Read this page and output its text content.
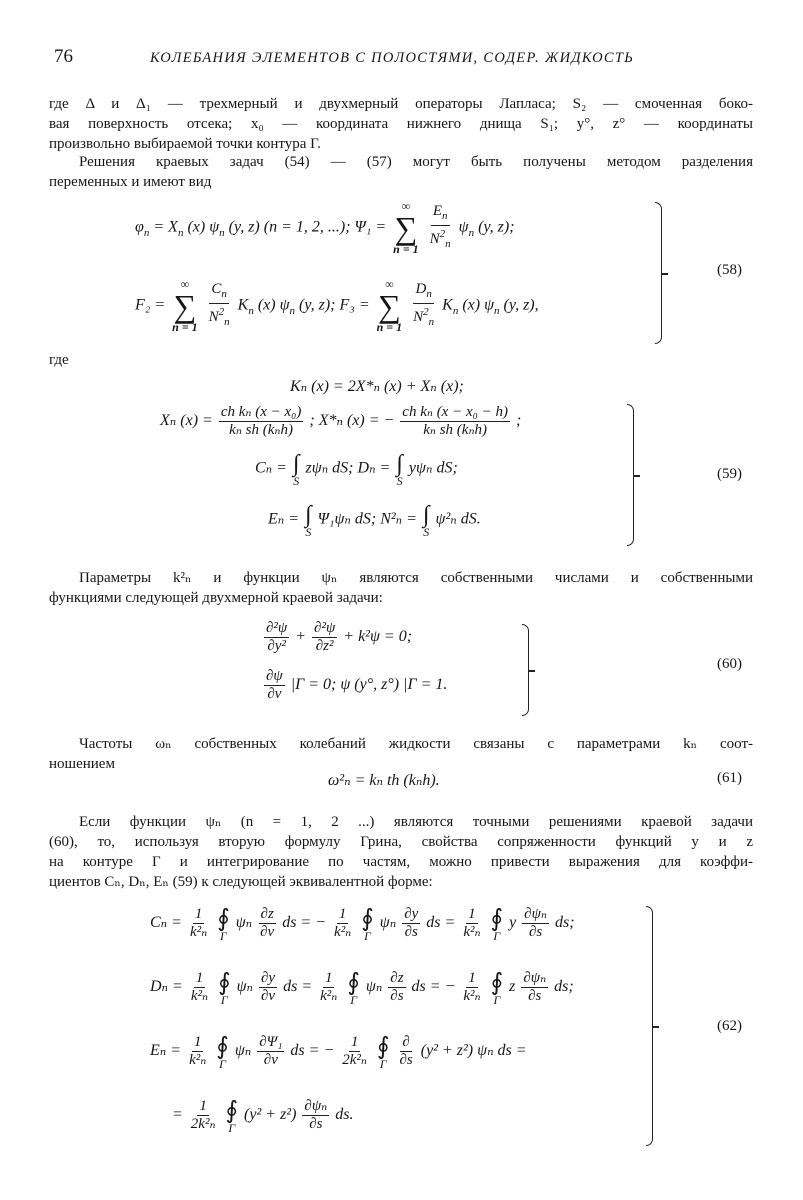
76	КОЛЕБАНИЯ ЭЛЕМЕНТОВ С ПОЛОСТЯМИ, СОДЕР. ЖИДКОСТЬ
где Δ и Δ₁ — трехмерный и двухмерный операторы Лапласа; S₂ — смоченная боко-
вая поверхность отсека; x₀ — координата нижнего днища S₁; y°, z° — координаты
произвольно выбираемой точки контура Г.
Решения краевых задач (54) — (57) могут быть получены методом разделения
переменных и имеют вид
$\varphi_n = X_n$ (x) $\psi_n$ (y, z) (n = 1, 2, ...); Ψ₁ =
∞
∑
n = 1
$\frac{E_n}{N^2_n} \psi_n$ (y, z);
F₂ =
∞
∑
n = 1
$\frac{C_n}{N^2_n} K_n$ (x) $\psi_n$ (y, z); F₃ =
∞
∑
n = 1
$\frac{D_n}{N^2_n} K_n$ (x) $\psi_n$ (y, z),
(58)
где
Kₙ (x) = 2X*ₙ (x) + Xₙ (x);
Xₙ $(x) = \frac{\text{ch kₙ (x − x₀)}}{\text{kₙ sh (kₙh)}}$ ; X*ₙ (x) = − $\frac{\text{ch kₙ (x − x₀ − h)}}{\text{kₙ sh (kₙh)}}$ ;
Cₙ = ∫
S
zψₙ dS; Dₙ = ∫
S
yψₙ dS;
Eₙ = ∫
S
Ψ₁ψₙ dS; N²ₙ = ∫
S
ψ²ₙ dS.
(59)
Параметры k²ₙ и функции ψₙ являются собственными числами и собственными
функциями следующей двухмерной краевой задачи:
$\frac{\text{∂²ψ}}{\text{∂y²}} + \frac{\text{∂²ψ}}{\text{∂z²}} + k^2\psi = 0$;
$\frac{\partial\psi}{\partial\nu} |Г = 0$; ψ (y°, z°) |Г = 1.
(60)
Частоты ωₙ собственных колебаний жидкости связаны с параметрами kₙ соот-
ношением
ω²ₙ = kₙ th (kₙh).	(61)
Если функции ψₙ (n = 1, 2 ...) являются точными решениями краевой задачи
(60), то, используя вторую формулу Грина, свойства сопряженности функций y и z
на контуре Г и интегрирование по частям, можно привести выражения для коэффи-
циентов Cₙ, Dₙ, Eₙ (59) к следующей эквивалентной форме:
$C_n = \frac{1}{\text{k²ₙ}}$
∮
Г
ψₙ $\frac{\partial z}{\partial\nu}$ ds = − $\frac{1}{\text{k²ₙ}}$
∮
Г
ψₙ $\frac{\partial y}{\partial s}$ ds = $\frac{1}{\text{k²ₙ}}$
∮
Г
y $\frac{\text{∂ψₙ}}{\partial s}$ ds;
$D_n = \frac{1}{\text{k²ₙ}}$
∮
Г
ψₙ $\frac{\partial y}{\partial\nu}$ ds = $\frac{1}{\text{k²ₙ}}$
∮
Г
ψₙ $\frac{\partial z}{\partial s}$ ds = − $\frac{1}{\text{k²ₙ}}$
∮
Г
z $\frac{\text{∂ψₙ}}{\partial s}$ ds;
$E_n = \frac{1}{\text{k²ₙ}}$
∮
Г
ψₙ $\frac{\text{∂Ψ₁}}{\partial\nu}$ ds = − $\frac{1}{\text{2k²ₙ}}$
∮
Г
$\frac{\partial}{\partial s} (y^2 + z^2)$ ψₙ ds =
= $\frac{1}{\text{2k²ₙ}}$
∮
Г
$(y^2 + z^2) \frac{\text{∂ψₙ}}{\partial s}$ ds.
(62)
